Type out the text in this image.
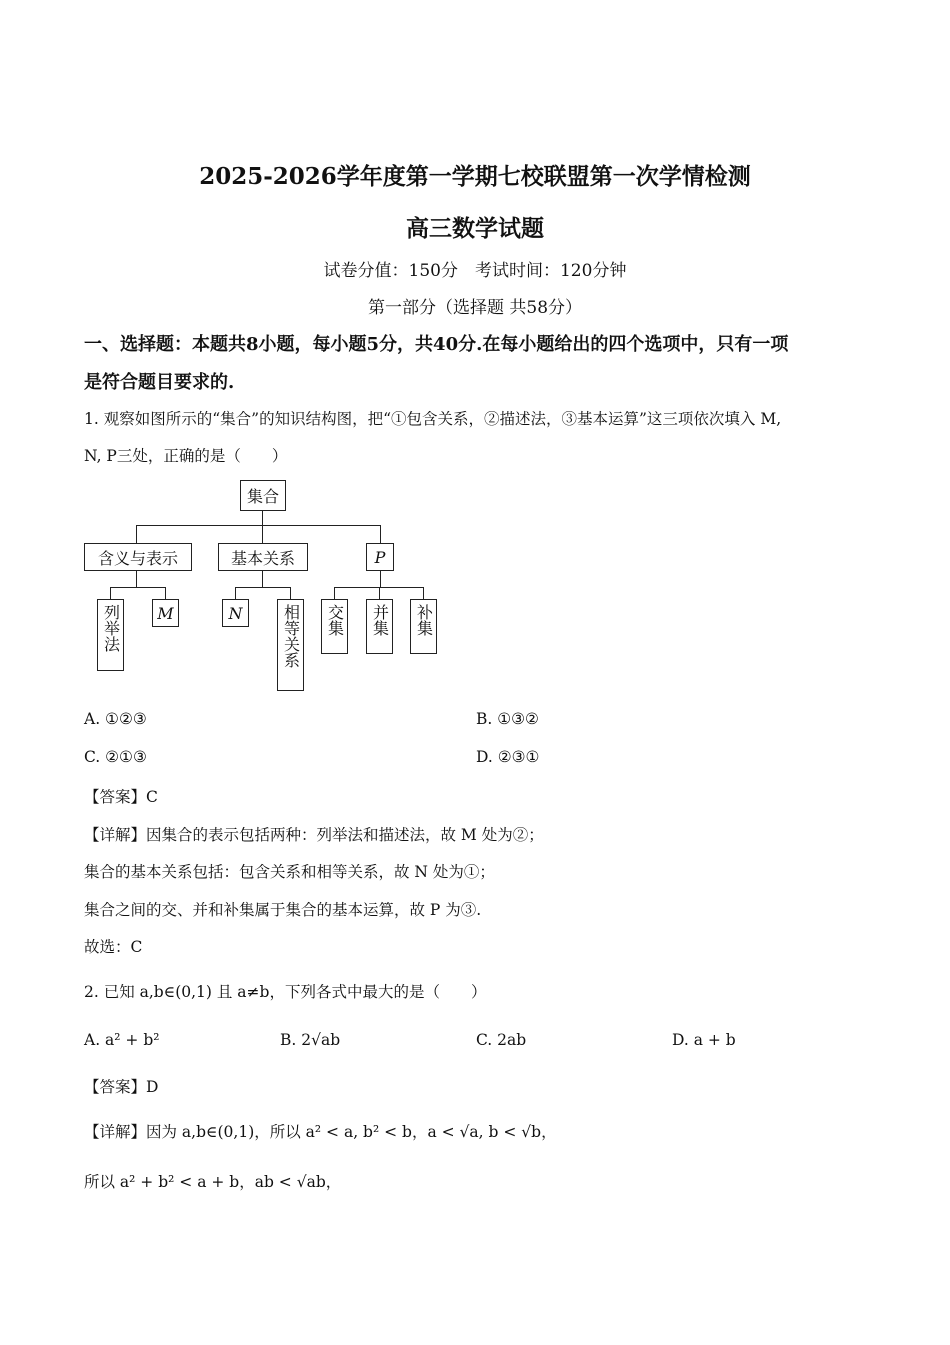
2025-2026学年度第一学期七校联盟第一次学情检测
高三数学试题
试卷分值：150分　考试时间：120分钟
第一部分（选择题 共58分）
一、选择题：本题共8小题，每小题5分，共40分.在每小题给出的四个选项中，只有一项
是符合题目要求的.
1. 观察如图所示的“集合”的知识结构图，把“①包含关系，②描述法，③基本运算”这三项依次填入 M,
N, P三处，正确的是（　　）
集合
含义与表示	基本关系	P
列举法	M	N	相等关系 交集 并集 补集
A. ①②③	B. ①③②
C. ②①③	D. ②③①
【答案】C
【详解】因集合的表示包括两种：列举法和描述法，故 M 处为②；
集合的基本关系包括：包含关系和相等关系，故 N 处为①；
集合之间的交、并和补集属于集合的基本运算，故 P 为③.
故选：C
2. 已知 a,b∈(0,1) 且 a≠b，下列各式中最大的是（　　）
A. a² + b²	B. 2√ab	C. 2ab	D. a + b
【答案】D
【详解】因为 a,b∈(0,1)，所以 a² < a, b² < b，a < √a, b < √b，
所以 a² + b² < a + b，ab < √ab，
